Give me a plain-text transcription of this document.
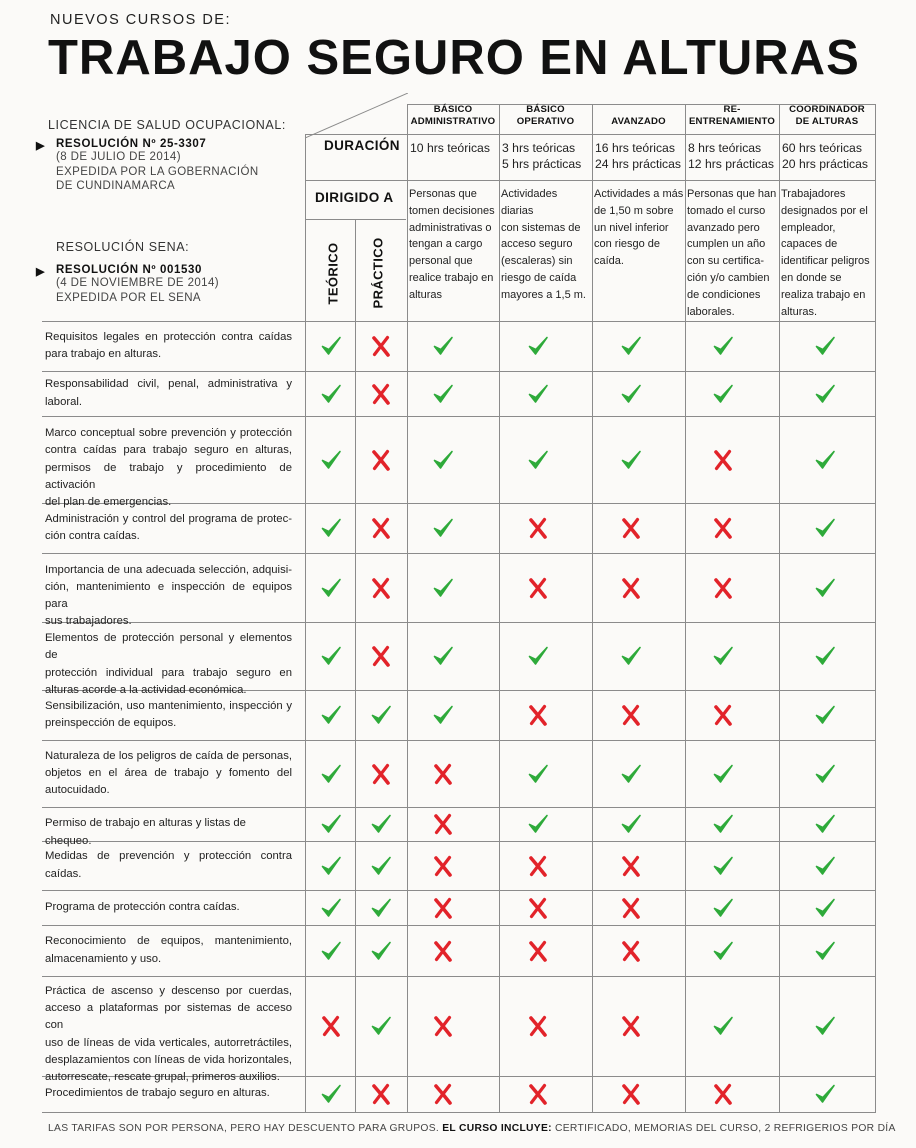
NUEVOS CURSOS DE:
TRABAJO SEGURO EN ALTURAS
LICENCIA DE SALUD OCUPACIONAL:
▶ RESOLUCIÓN Nº 25-3307
(8 DE JULIO DE 2014)
EXPEDIDA POR LA GOBERNACIÓN
DE CUNDINAMARCA
RESOLUCIÓN SENA:
▶ RESOLUCIÓN Nº 001530
(4 DE NOVIEMBRE DE 2014)
EXPEDIDA POR EL SENA
DURACIÓN
DIRIGIDO A
TEÓRICO PRÁCTICO
LAS TARIFAS SON POR PERSONA, PERO HAY DESCUENTO PARA GRUPOS. EL CURSO INCLUYE: CERTIFICADO, MEMORIAS DEL CURSO, 2 REFRIGERIOS POR DÍA
BÁSICO
ADMINISTRATIVO
BÁSICO
OPERATIVO	AVANZADO
RE-
ENTRENAMIENTO
COORDINADOR
DE ALTURAS
10 hrs teóricas 3 hrs teóricas
5 hrs prácticas
16 hrs teóricas
24 hrs prácticas
8 hrs teóricas
12 hrs prácticas
60 hrs teóricas
20 hrs prácticas
Personas que
tomen decisiones
administrativas o
tengan a cargo
personal que
realice trabajo en
alturas
Actividades diarias
con sistemas de
acceso seguro
(escaleras) sin
riesgo de caída
mayores a 1,5 m.
Actividades a más
de 1,50 m sobre
un nivel inferior
con riesgo de
caída.
Personas que han
tomado el curso
avanzado pero
cumplen un año
con su certifica-
ción y/o cambien
de condiciones
laborales.
Trabajadores
designados por el
empleador,
capaces de
identificar peligros
en donde se
realiza trabajo en
alturas.
Requisitos legales en protección contra caídas
para trabajo en alturas.
Responsabilidad civil, penal, administrativa y
laboral.
Marco conceptual sobre prevención y protección
contra caídas para trabajo seguro en alturas,
permisos de trabajo y procedimiento de activación
del plan de emergencias.
Administración y control del programa de protec-
ción contra caídas.
Importancia de una adecuada selección, adquisi-
ción, mantenimiento e inspección de equipos para
sus trabajadores.
Elementos de protección personal y elementos de
protección individual para trabajo seguro en
alturas acorde a la actividad económica.
Sensibilización, uso mantenimiento, inspección y
preinspección de equipos.
Naturaleza de los peligros de caída de personas,
objetos en el área de trabajo y fomento del
autocuidado.
Permiso de trabajo en alturas y listas de chequeo.
Medidas de prevención y protección contra
caídas.
Programa de protección contra caídas.
Reconocimiento de equipos, mantenimiento,
almacenamiento y uso.
Práctica de ascenso y descenso por cuerdas,
acceso a plataformas por sistemas de acceso con
uso de líneas de vida verticales, autorretráctiles,
desplazamientos con líneas de vida horizontales,
autorrescate, rescate grupal, primeros auxilios.
Procedimientos de trabajo seguro en alturas.
